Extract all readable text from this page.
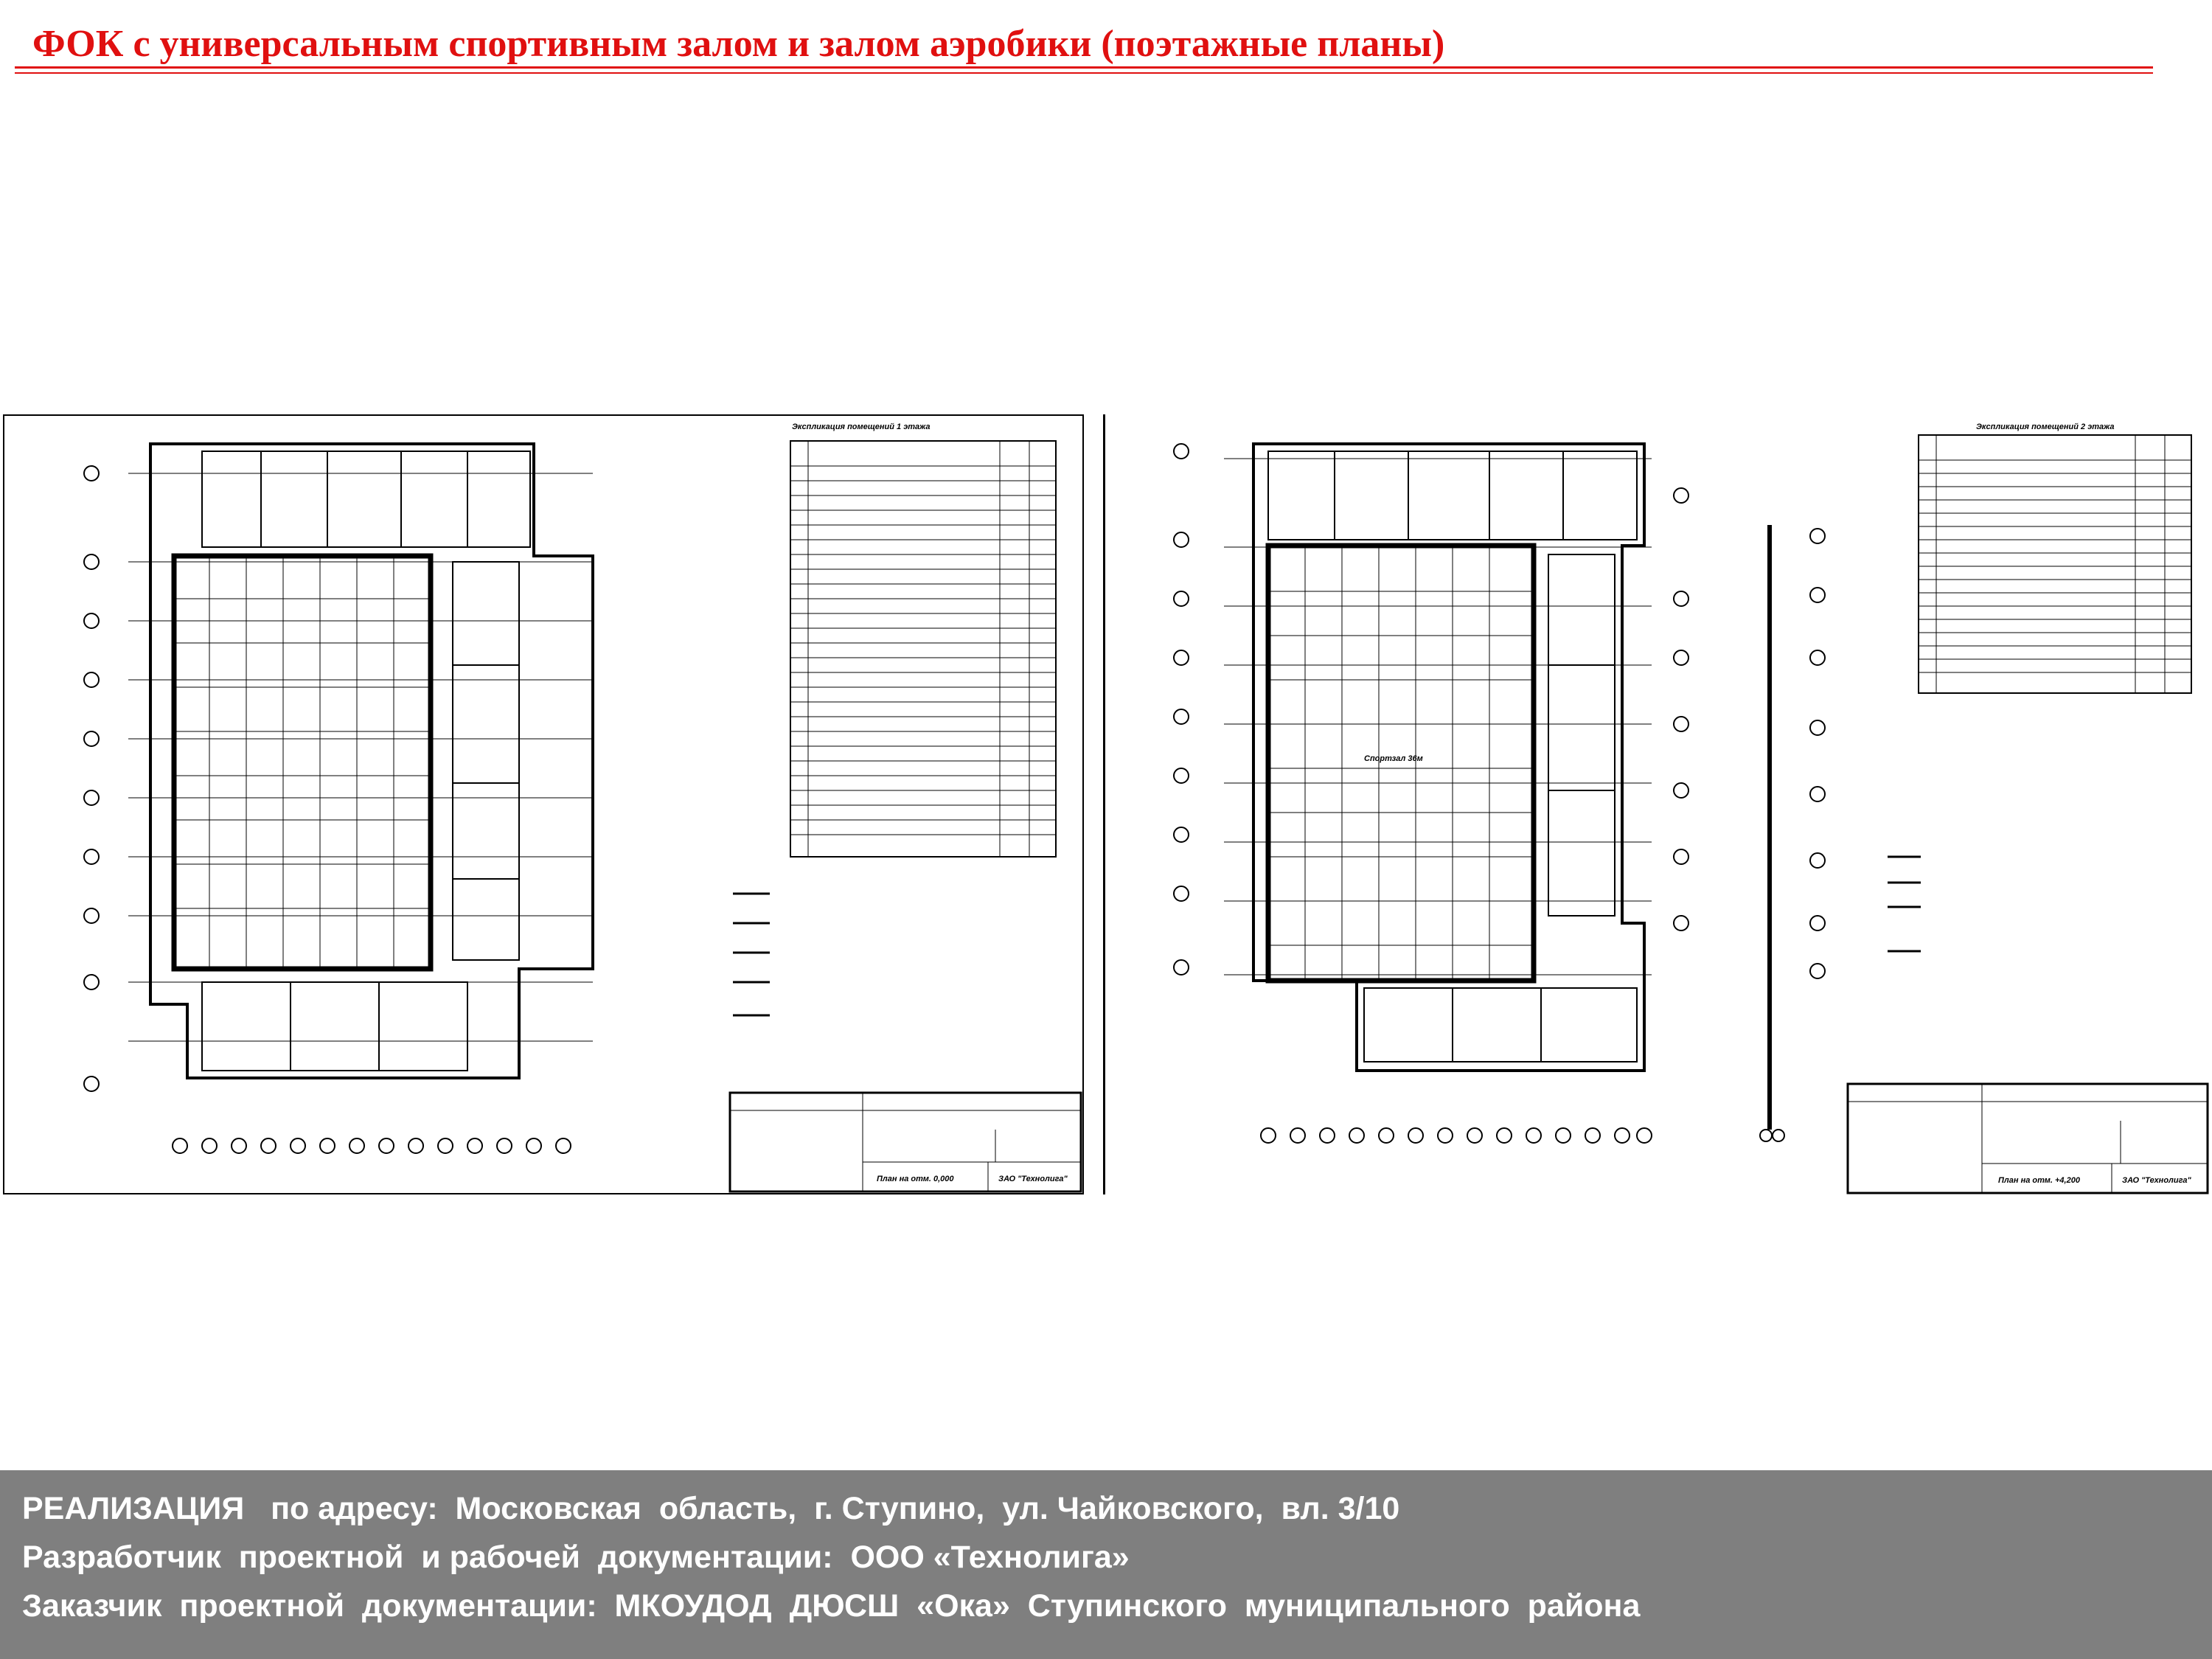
ФОК с универсальным спортивным залом и залом аэробики (поэтажные планы)
Экспликация помещений 1 этажа
План на отм. 0,000	ЗАО "Технолига"
Спортзал 36м
Экспликация помещений 2 этажа
План на отм. +4,200	ЗАО "Технолига"
РЕАЛИЗАЦИЯ   по адресу:  Московская  область,  г. Ступино,  ул. Чайковского,  вл. 3/10
Разработчик  проектной  и рабочей  документации:  ООО «Технолига»
Заказчик  проектной  документации:  МКОУДОД  ДЮСШ  «Ока»  Ступинского  муниципального  района
